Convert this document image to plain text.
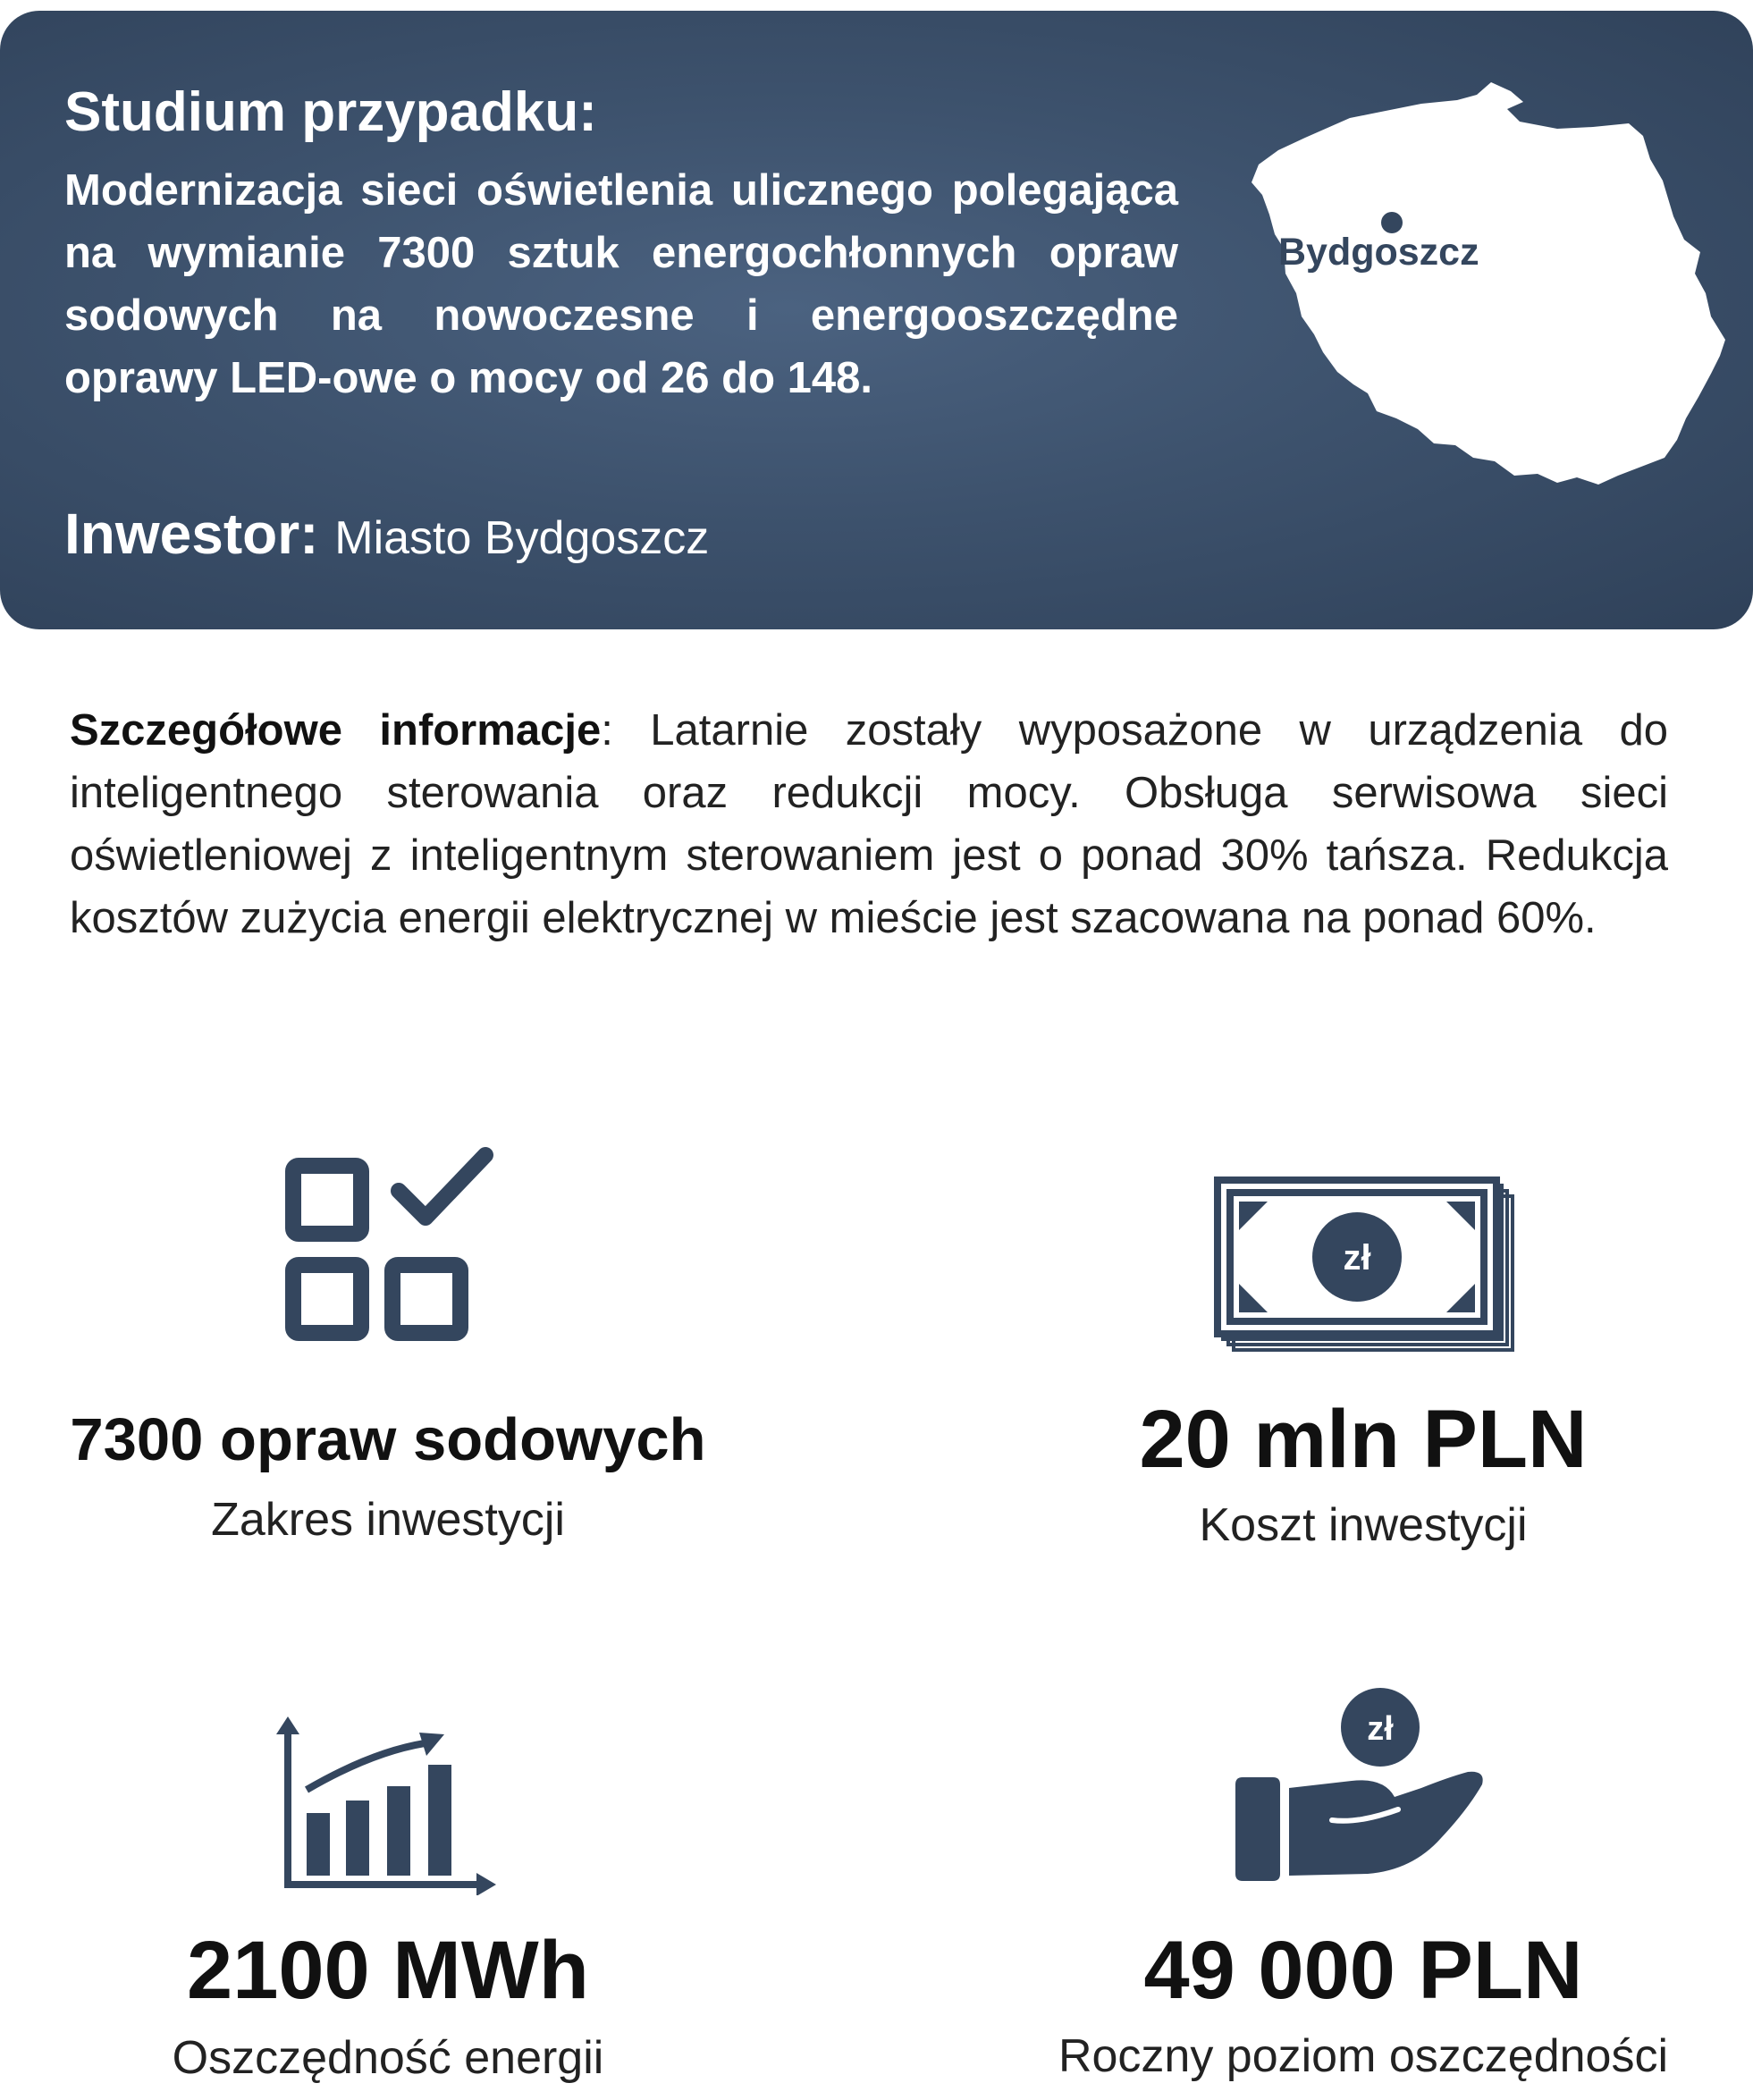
Studium przypadku:

Modernizacja sieci oświetlenia ulicznego polegająca na wymianie 7300 sztuk energochłonnych opraw sodowych na nowoczesne i energooszczędne oprawy LED-owe o mocy od 26 do 148.

Inwestor: Miasto Bydgoszcz
Bydgoszcz

Szczegółowe informacje: Latarnie zostały wyposażone w urządzenia do inteligentnego sterowania oraz redukcji mocy. Obsługa serwisowa sieci oświetleniowej z inteligentnym sterowaniem jest o ponad 30% tańsza. Redukcja kosztów zużycia energii elektrycznej w mieście jest szacowana na ponad 60%.

7300 opraw sodowych
Zakres inwestycji
zł
20 mln PLN
Koszt inwestycji
2100 MWh
Oszczędność energii
zł
49 000 PLN
Roczny poziom oszczędności
